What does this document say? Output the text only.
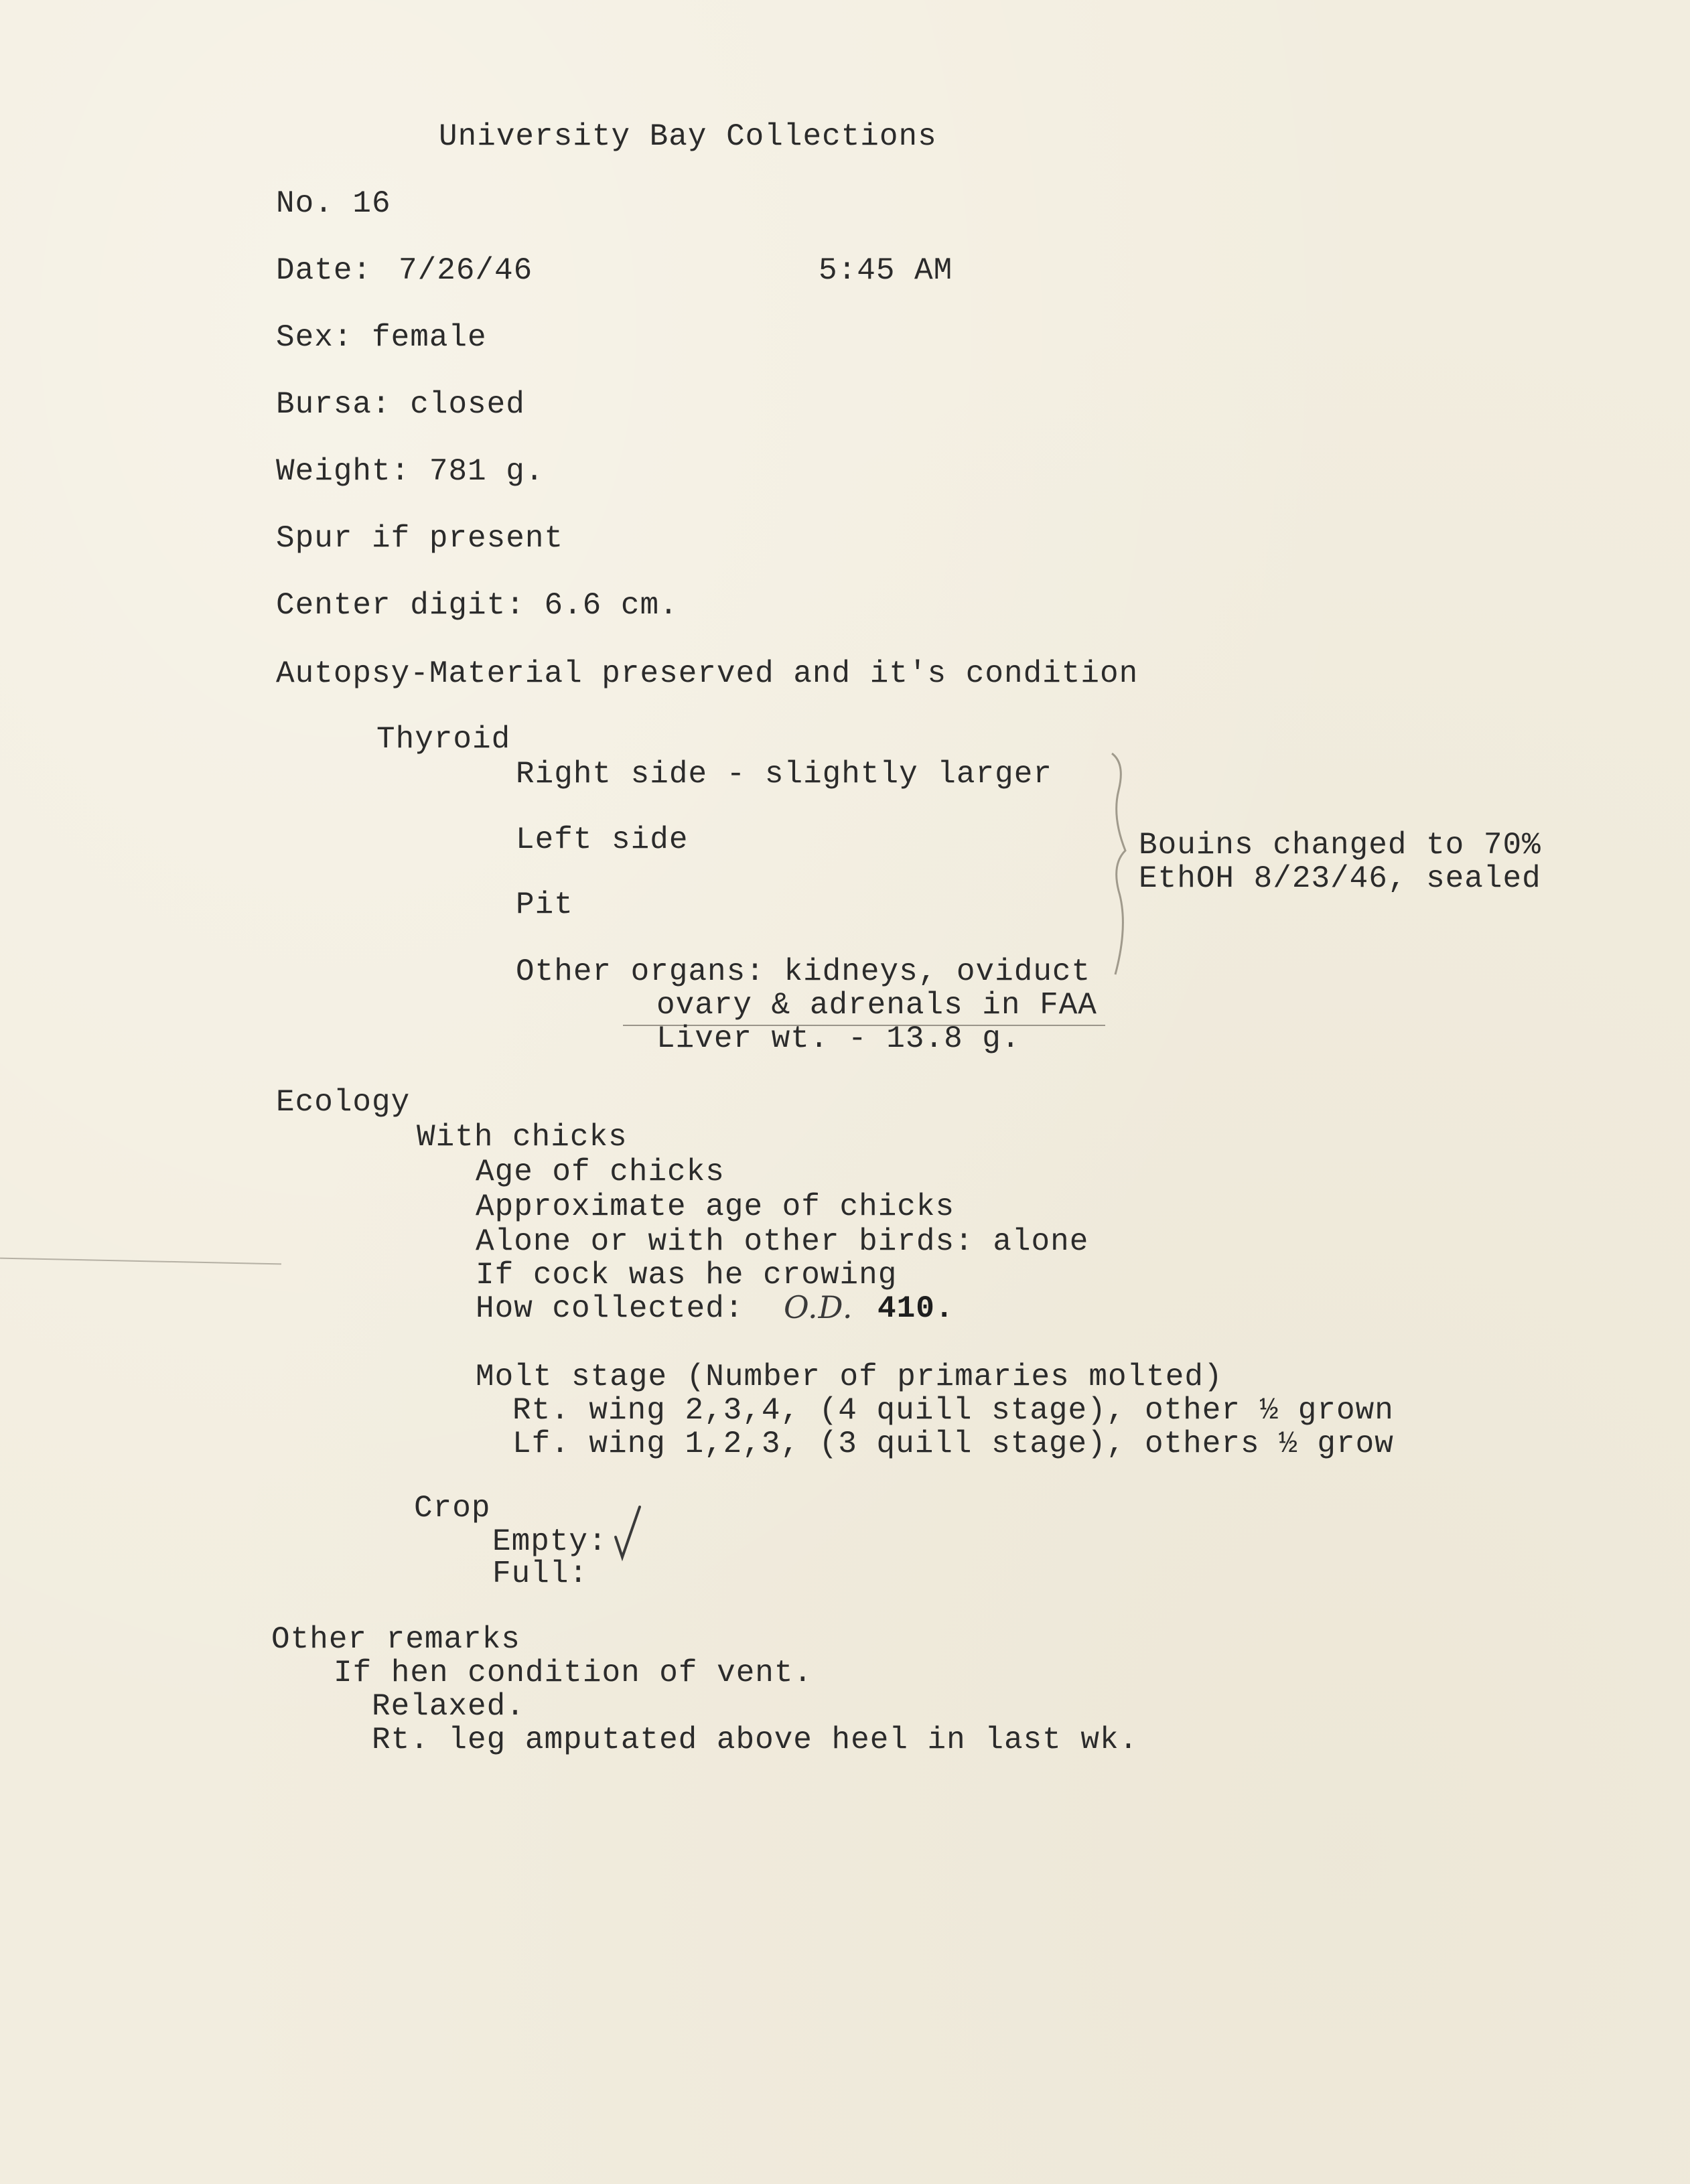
University Bay Collections
No. 16
Date: 7/26/46	5:45 AM
Sex: female
Bursa: closed
Weight: 781 g.
Spur if present
Center digit: 6.6 cm.
Autopsy-Material preserved and it's condition
Thyroid
Right side - slightly larger
Left side
Pit
Other organs: kidneys, oviduct
ovary & adrenals in FAA
Liver wt. - 13.8 g.
Bouins changed to 70%
EthOH 8/23/46, sealed
Ecology
With chicks
Age of chicks
Approximate age of chicks
Alone or with other birds: alone
If cock was he crowing
How collected: O.D. 410.
Molt stage (Number of primaries molted)
Rt. wing 2,3,4, (4 quill stage), other ½ grown
Lf. wing 1,2,3, (3 quill stage), others ½ grow
Crop
Empty:
Full:
Other remarks
If hen condition of vent.
Relaxed.
Rt. leg amputated above heel in last wk.
